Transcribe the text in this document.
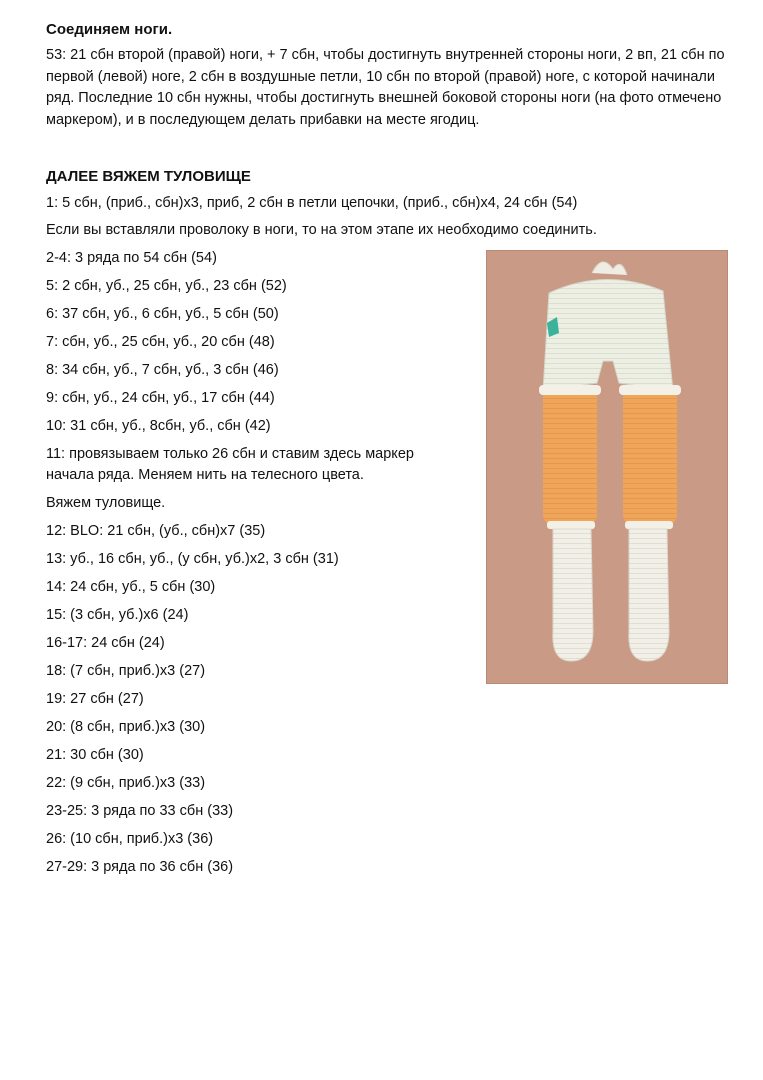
Соединяем ноги.
53: 21 сбн второй (правой) ноги, + 7 сбн, чтобы достигнуть внутренней стороны ноги, 2 вп, 21 сбн по первой (левой) ноге, 2 сбн в воздушные петли, 10 сбн по второй (правой) ноге, с которой начинали ряд. Последние 10 сбн нужны, чтобы достигнуть внешней боковой стороны ноги (на фото отмечено маркером), и в последующем делать прибавки на месте ягодиц.
ДАЛЕЕ ВЯЖЕМ ТУЛОВИЩЕ
1: 5 сбн, (приб., сбн)х3, приб, 2 сбн в петли цепочки, (приб., сбн)х4, 24 сбн (54)
Если вы вставляли проволоку в ноги, то на этом этапе их необходимо соединить.
2-4: 3 ряда по 54 сбн (54)
5: 2 сбн, уб., 25 сбн, уб., 23 сбн (52)
6: 37 сбн, уб., 6 сбн, уб., 5 сбн (50)
7: сбн, уб., 25 сбн, уб., 20 сбн (48)
8: 34 сбн, уб., 7 сбн, уб., 3 сбн (46)
9: сбн, уб., 24 сбн, уб., 17 сбн (44)
10: 31 сбн, уб., 8сбн, уб., сбн (42)
11: провязываем только 26 сбн и ставим здесь маркер
начала ряда. Меняем нить на телесного цвета.
Вяжем туловище.
12: BLO: 21 сбн, (уб., сбн)х7 (35)
13: уб., 16 сбн, уб., (у сбн, уб.)х2, 3 сбн (31)
14: 24 сбн, уб., 5 сбн (30)
15: (3 сбн, уб.)х6 (24)
16-17: 24 сбн (24)
18: (7 сбн, приб.)х3 (27)
19: 27 сбн (27)
20: (8 сбн, приб.)х3 (30)
21: 30 сбн (30)
22: (9 сбн, приб.)х3 (33)
23-25: 3 ряда по 33 сбн (33)
26: (10 сбн, приб.)х3 (36)
27-29: 3 ряда по 36 сбн (36)
